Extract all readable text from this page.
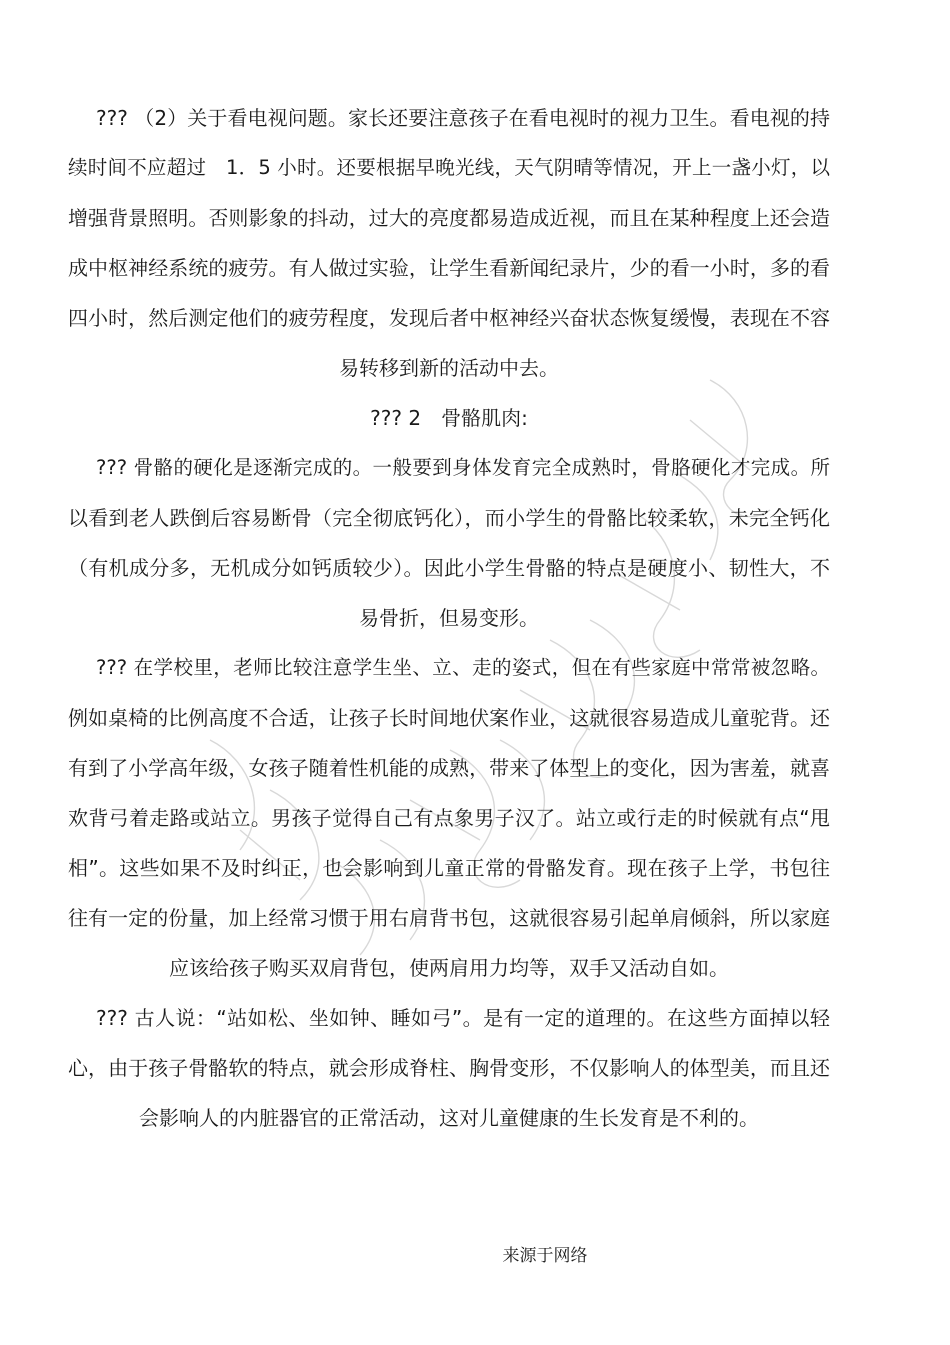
??? （2）关于看电视问题。家长还要注意孩子在看电视时的视力卫生。看电视的持
续时间不应超过　1．5 小时。还要根据早晚光线，天气阴晴等情况，开上一盏小灯，以
增强背景照明。否则影象的抖动，过大的亮度都易造成近视，而且在某种程度上还会造
成中枢神经系统的疲劳。有人做过实验，让学生看新闻纪录片，少的看一小时，多的看
四小时，然后测定他们的疲劳程度，发现后者中枢神经兴奋状态恢复缓慢，表现在不容
易转移到新的活动中去。
??? 2　骨骼肌肉:
??? 骨骼的硬化是逐渐完成的。一般要到身体发育完全成熟时，骨胳硬化才完成。所
以看到老人跌倒后容易断骨（完全彻底钙化），而小学生的骨骼比较柔软，未完全钙化
（有机成分多，无机成分如钙质较少）。因此小学生骨骼的特点是硬度小、韧性大，不
易骨折，但易变形。
??? 在学校里，老师比较注意学生坐、立、走的姿式，但在有些家庭中常常被忽略。
例如桌椅的比例高度不合适，让孩子长时间地伏案作业，这就很容易造成儿童驼背。还
有到了小学高年级，女孩子随着性机能的成熟，带来了体型上的变化，因为害羞，就喜
欢背弓着走路或站立。男孩子觉得自己有点象男子汉了。站立或行走的时候就有点“甩
相”。这些如果不及时纠正，也会影响到儿童正常的骨骼发育。现在孩子上学，书包往
往有一定的份量，加上经常习惯于用右肩背书包，这就很容易引起单肩倾斜，所以家庭
应该给孩子购买双肩背包，使两肩用力均等，双手又活动自如。
??? 古人说：“站如松、坐如钟、睡如弓”。是有一定的道理的。在这些方面掉以轻
心，由于孩子骨骼软的特点，就会形成脊柱、胸骨变形，不仅影响人的体型美，而且还
会影响人的内脏器官的正常活动，这对儿童健康的生长发育是不利的。
来源于网络
